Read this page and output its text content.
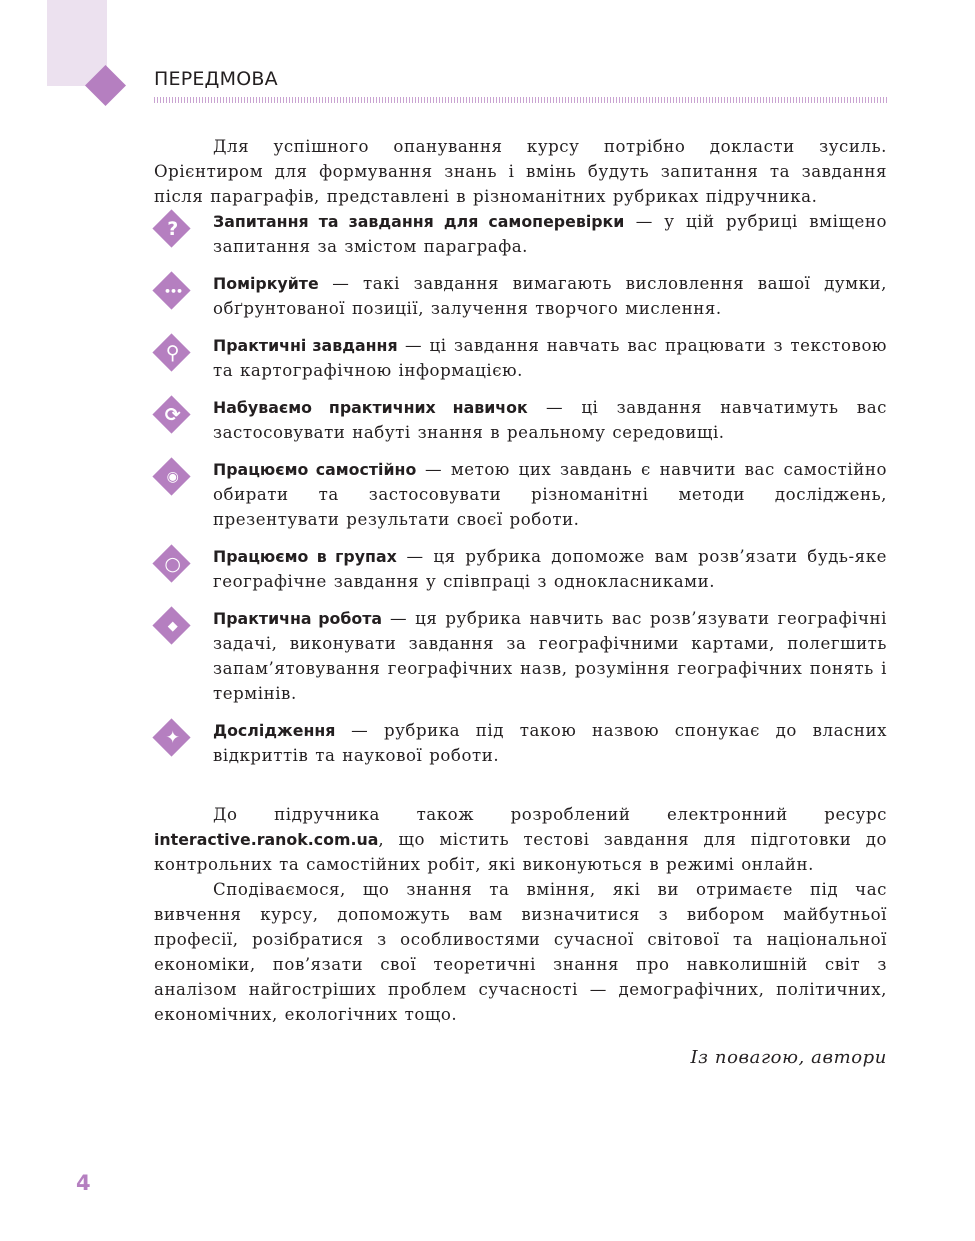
ПЕРЕДМОВА

Для успішного опанування курсу потрібно докласти зусиль. Орієнтиром для формування знань і вмінь будуть запитання та завдання після параграфів, представлені в різноманітних рубриках підручника.

?	Запитання та завдання для самоперевірки — у цій рубриці вміщено запитання за змістом параграфа.

•••	Поміркуйте — такі завдання вимагають висловлення вашої думки, обґрунтованої позиції, залучення творчого мислення.

⚲	Практичні завдання — ці завдання навчать вас працювати з текстовою та картографічною інформацією.

⟳	Набуваємо практичних навичок — ці завдання навчатимуть вас застосовувати набуті знання в реальному середовищі.

◉	Працюємо самостійно — метою цих завдань є навчити вас самостійно обирати та застосовувати різноманітні методи досліджень, презентувати результати своєї роботи.

○	Працюємо в групах — ця рубрика допоможе вам розв’язати будь-яке географічне завдання у співпраці з однокласниками.

◆	Практична робота — ця рубрика навчить вас розв’язувати географічні задачі, виконувати завдання за географічними картами, полегшить запам’ятовування географічних назв, розуміння географічних понять і термінів.

✦	Дослідження — рубрика під такою назвою спонукає до власних відкриттів та наукової роботи.

До підручника також розроблений електронний ресурс interactive.ranok.com.ua, що містить тестові завдання для підготовки до контрольних та самостійних робіт, які виконуються в режимі онлайн.

Сподіваємося, що знання та вміння, які ви отримаєте під час вивчення курсу, допоможуть вам визначитися з вибором майбутньої професії, розібратися з особливостями сучасної світової та національної економіки, пов’язати свої теоретичні знання про навколишній світ з аналізом найгостріших проблем сучасності — демографічних, політичних, економічних, екологічних тощо.

Із повагою, автори
4
